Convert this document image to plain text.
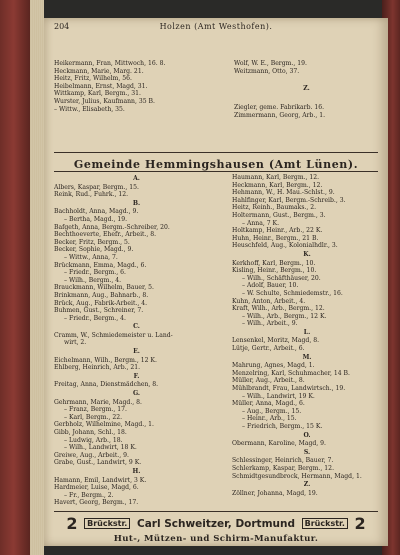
204	Holzen (Amt Westhofen).
Heikermann, Fran, Mittwoch, 16. 8.
Heckmann, Marie, Marg. 21.
Heitz, Fritz, Wilhelm, 56.
Heibelmann, Ernst, Magd, 31.
Wittkamp, Karl, Bergm., 31.
Wurster, Julius, Kaufmann, 35 B.
– Wittw., Elisabeth, 35.
Wolf, W. E., Bergm., 19.
Weitzmann, Otto, 37.
Z.
Ziegler, geme. Fabrikarb. 16.
Zimmermann, Georg, Arb., 1.
Gemeinde Hemmingshausen (Amt Lünen).
A.
Albers, Kaspar, Bergm., 15.
Reink, Rud., Fuhrk., 12.
B.
Bachholdt, Anna, Magd., 9.
– Bertha, Magd., 19.
Bafgeth, Anna, Bergm.-Schreiber, 20.
Bechthoeverte, Ehefr., Arbeit., 8.
Becker, Fritz, Bergm., 5.
Becker, Sophie, Magd., 9.
– Wittw., Anna, 7.
Brückmann, Emma, Magd., 6.
– Friedr., Bergm., 6.
– Wilh., Bergm., 4.
Brauckmann, Wilhelm, Bauer, 5.
Brinkmann, Aug., Bahnarb., 8.
Brück, Aug., Fabrik-Arbeit., 4.
Buhmen, Gust., Schreiner, 7.
– Friedr., Bergm., 4.
C.
Cramm, W., Schmiedemeister u. Land-
wirt, 2.
E.
Eichelmann, Wilh., Bergm., 12 K.
Ehlberg, Heinrich, Arb., 21.
F.
Freitag, Anna, Dienstmädchen, 8.
G.
Gehrmann, Marie, Magd., 8.
– Franz, Bergm., 17.
– Karl, Bergm., 22.
Gerbholz, Wilhelmine, Magd., 1.
Gibb, Johann, Schl., 18.
– Ludwig, Arb., 18.
– Wilh., Landwirt, 18 K.
Greiwe, Aug., Arbeit., 9.
Grabe, Gust., Landwirt, 9 K.
H.
Hamann, Emil, Landwirt, 3 K.
Hardmeier, Luise, Magd, 6.
– Fr., Bergm., 2.
Havert, Georg, Bergm., 17.
Haumann, Karl, Bergm., 12.
Heckmann, Karl, Bergm., 12.
Hehmann, W., H. Mau.-Schlst., 9.
Hahlfinger, Karl, Bergm.-Schreib., 3.
Heitz, Reinh., Baumaks., 2.
Holtermann, Gust., Bergm., 3.
– Anna, 7 K.
Holtkamp, Heinr., Arb., 22 K.
Huhn, Heinr., Bergm., 21 B.
Heuschfeld, Aug., Kolonialhdlr., 3.
K.
Kerkhoff, Karl, Bergm., 10.
Kisling, Heinr., Bergm., 10.
– Wilh., Schäfthäuser, 20.
– Adolf, Bauer, 10.
– W. Schulte, Schmiedemstr., 16.
Kuhn, Anton, Arbeit., 4.
Kraft, Wilh., Arb., Bergm., 12.
– Wilh., Arb., Bergm., 12 K.
– Wilh., Arbeit., 9.
L.
Lensenkel, Moritz, Magd, 8.
Lütje, Gertr., Arbeit., 6.
M.
Mahrung, Agnes, Magd, 1.
Menzelring, Karl, Schuhmacher, 14 B.
Müller, Aug., Arbeit., 8.
Mühlbrandt, Frau, Landwirtsch., 19.
– Wilh., Landwirt, 19 K.
Müller, Anna, Magd., 6.
– Aug., Bergm., 15.
– Heinr., Arb., 15.
– Friedrich, Bergm., 15 K.
O.
Obermann, Karoline, Magd, 9.
S.
Schlessinger, Heinrich, Bauer, 7.
Schlerkamp, Kaspar, Bergm., 12.
Schmidtgesundbrock, Hermann, Magd, 1.
Z.
Zöllner, Johanna, Magd, 19.
2 Brückstr. Carl Schweitzer, Dortmund Brückstr. 2
Hut-, Mützen- und Schirm-Manufaktur.
